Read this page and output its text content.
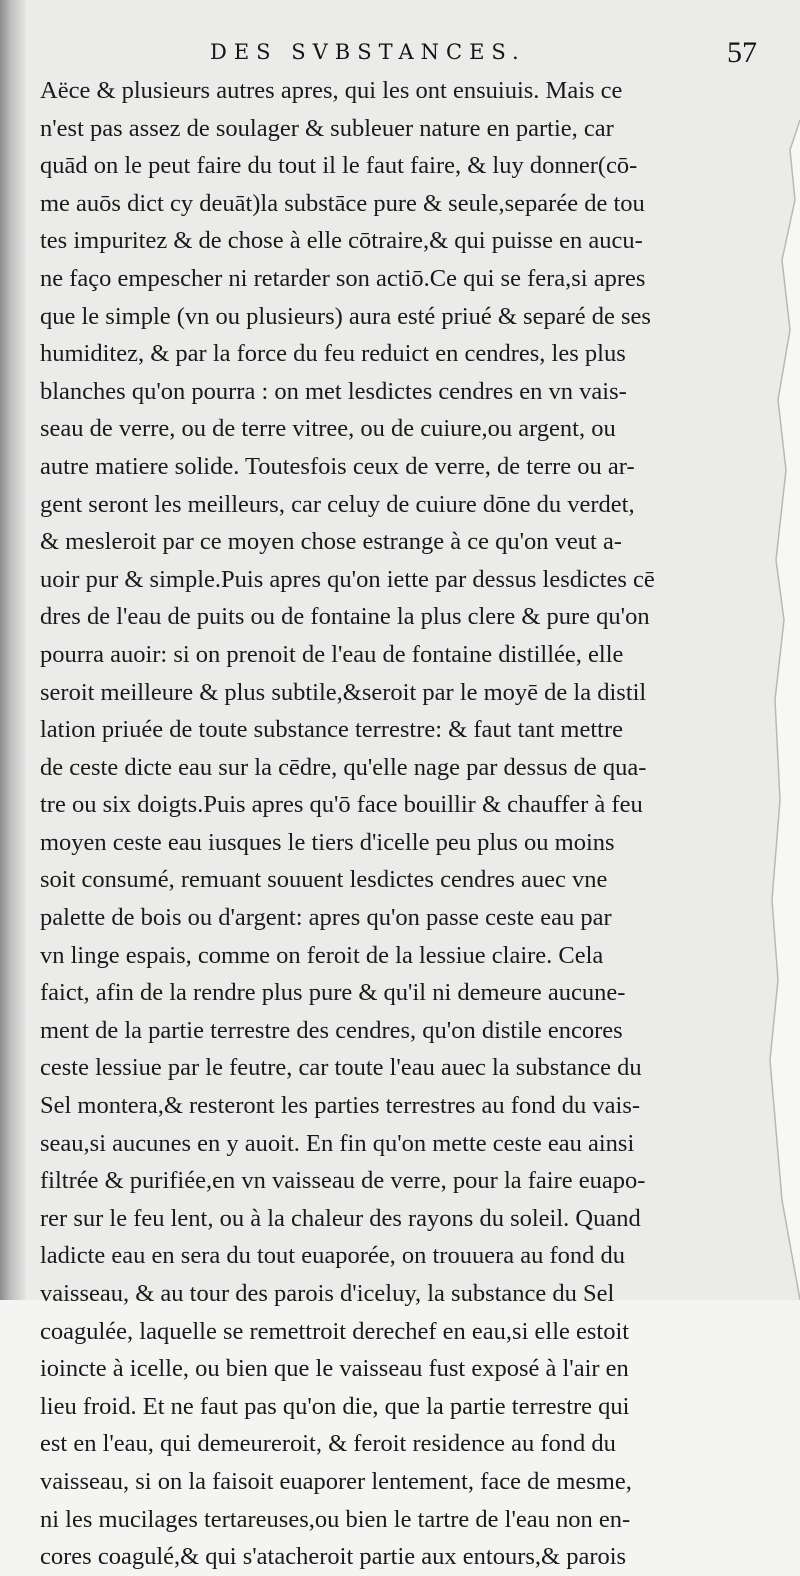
DES SVBSTANCES.	57
Aëce & plusieurs autres apres, qui les ont ensuiuis. Mais ce
n'est pas assez de soulager & subleuer nature en partie, car
quād on le peut faire du tout il le faut faire, & luy donner(cō-
me auōs dict cy deuāt)la substāce pure & seule,separée de tou
tes impuritez & de chose à elle cōtraire,& qui puisse en aucu-
ne faço empescher ni retarder son actiō.Ce qui se fera,si apres
que le simple (vn ou plusieurs) aura esté priué & separé de ses
humiditez, & par la force du feu reduict en cendres, les plus
blanches qu'on pourra : on met lesdictes cendres en vn vais-
seau de verre, ou de terre vitree, ou de cuiure,ou argent, ou
autre matiere solide. Toutesfois ceux de verre, de terre ou ar-
gent seront les meilleurs, car celuy de cuiure dōne du verdet,
& mesleroit par ce moyen chose estrange à ce qu'on veut a-
uoir pur & simple.Puis apres qu'on iette par dessus lesdictes cē
dres de l'eau de puits ou de fontaine la plus clere & pure qu'on
pourra auoir: si on prenoit de l'eau de fontaine distillée, elle
seroit meilleure & plus subtile,&seroit par le moyē de la distil
lation priuée de toute substance terrestre: & faut tant mettre
de ceste dicte eau sur la cēdre, qu'elle nage par dessus de qua-
tre ou six doigts.Puis apres qu'ō face bouillir & chauffer à feu
moyen ceste eau iusques le tiers d'icelle peu plus ou moins
soit consumé, remuant souuent lesdictes cendres auec vne
palette de bois ou d'argent: apres qu'on passe ceste eau par
vn linge espais, comme on feroit de la lessiue claire. Cela
faict, afin de la rendre plus pure & qu'il ni demeure aucune-
ment de la partie terrestre des cendres, qu'on distile encores
ceste lessiue par le feutre, car toute l'eau auec la substance du
Sel montera,& resteront les parties terrestres au fond du vais-
seau,si aucunes en y auoit. En fin qu'on mette ceste eau ainsi
filtrée & purifiée,en vn vaisseau de verre, pour la faire euapo-
rer sur le feu lent, ou à la chaleur des rayons du soleil. Quand
ladicte eau en sera du tout euaporée, on trouuera au fond du
vaisseau, & au tour des parois d'iceluy, la substance du Sel
coagulée, laquelle se remettroit derechef en eau,si elle estoit
ioincte à icelle, ou bien que le vaisseau fust exposé à l'air en
lieu froid. Et ne faut pas qu'on die, que la partie terrestre qui
est en l'eau, qui demeureroit, & feroit residence au fond du
vaisseau, si on la faisoit euaporer lentement, face de mesme,
ni les mucilages tertareuses,ou bien le tartre de l'eau non en-
cores coagulé,& qui s'atacheroit partie aux entours,& parois
